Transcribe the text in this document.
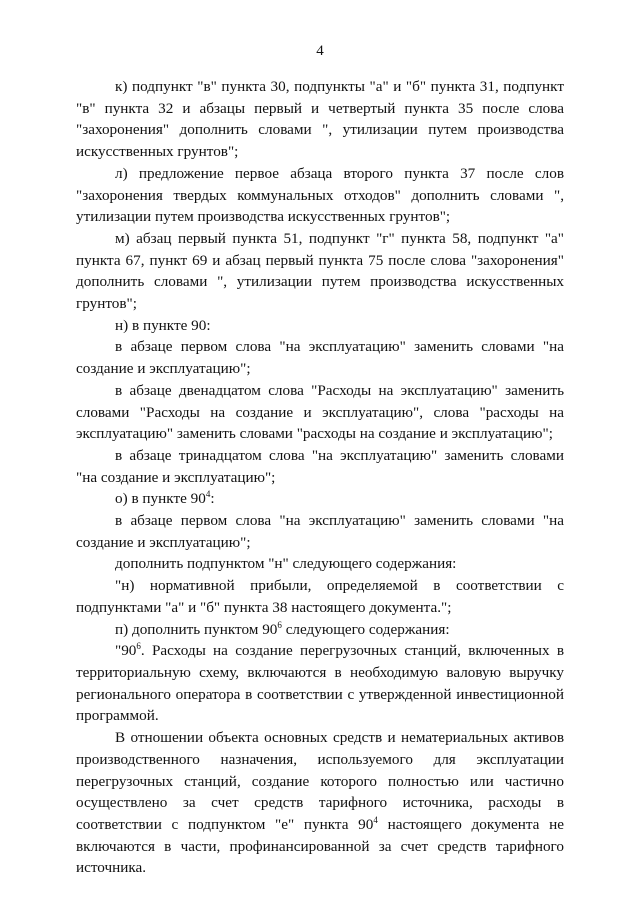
4

к) подпункт "в" пункта 30, подпункты "а" и "б" пункта 31, подпункт "в" пункта 32 и абзацы первый и четвертый пункта 35 после слова "захоронения" дополнить словами ", утилизации путем производства искусственных грунтов";

л) предложение первое абзаца второго пункта 37 после слов "захоронения твердых коммунальных отходов" дополнить словами ", утилизации путем производства искусственных грунтов";

м) абзац первый пункта 51, подпункт "г" пункта 58, подпункт "а" пункта 67, пункт 69 и абзац первый пункта 75 после слова "захоронения" дополнить словами ", утилизации путем производства искусственных грунтов";

н) в пункте 90:

в абзаце первом слова "на эксплуатацию" заменить словами "на создание и эксплуатацию";

в абзаце двенадцатом слова "Расходы на эксплуатацию" заменить словами "Расходы на создание и эксплуатацию", слова "расходы на эксплуатацию" заменить словами "расходы на создание и эксплуатацию";

в абзаце тринадцатом слова "на эксплуатацию" заменить словами "на создание и эксплуатацию";

о) в пункте $90^4$:

в абзаце первом слова "на эксплуатацию" заменить словами "на создание и эксплуатацию";

дополнить подпунктом "н" следующего содержания:

"н) нормативной прибыли, определяемой в соответствии с подпунктами "а" и "б" пункта 38 настоящего документа.";

п) дополнить пунктом $90^6$ следующего содержания:

"$90^6$. Расходы на создание перегрузочных станций, включенных в территориальную схему, включаются в необходимую валовую выручку регионального оператора в соответствии с утвержденной инвестиционной программой.

В отношении объекта основных средств и нематериальных активов производственного назначения, используемого для эксплуатации перегрузочных станций, создание которого полностью или частично осуществлено за счет средств тарифного источника, расходы в соответствии с подпунктом "е" пункта $90^4$ настоящего документа не включаются в части, профинансированной за счет средств тарифного источника.
